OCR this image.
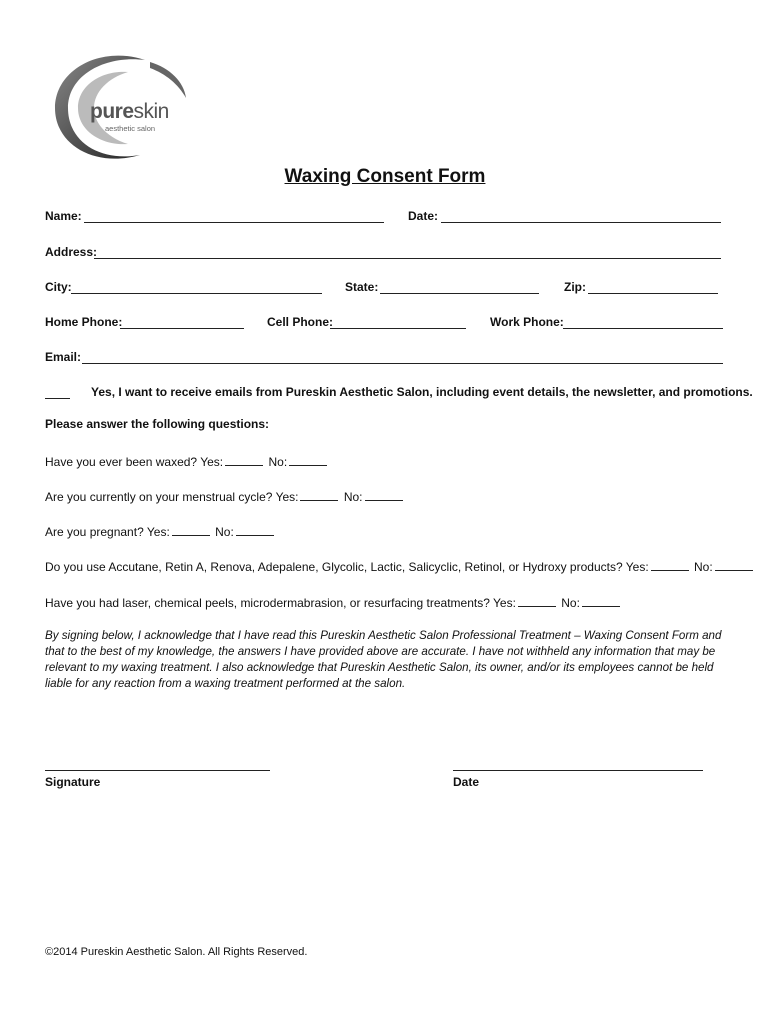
pureskin
aesthetic salon
Waxing Consent Form
Name:	Date:
Address:
City:	State:	Zip:
Home Phone:	Cell Phone:	Work Phone:
Email:
Yes, I want to receive emails from Pureskin Aesthetic Salon, including event details, the newsletter, and promotions.
Please answer the following questions:
Have you ever been waxed? Yes:	No:
Are you currently on your menstrual cycle? Yes:	No:
Are you pregnant? Yes:	No:
Do you use Accutane, Retin A, Renova, Adepalene, Glycolic, Lactic, Salicyclic, Retinol, or Hydroxy products? Yes:	No:
Have you had laser, chemical peels, microdermabrasion, or resurfacing treatments? Yes:	No:
By signing below, I acknowledge that I have read this Pureskin Aesthetic Salon Professional Treatment – Waxing Consent Form and that to the best of my knowledge, the answers I have provided above are accurate. I have not withheld any information that may be relevant to my waxing treatment. I also acknowledge that Pureskin Aesthetic Salon, its owner, and/or its employees cannot be held liable for any reaction from a waxing treatment performed at the salon.
Signature	Date
©2014 Pureskin Aesthetic Salon. All Rights Reserved.
